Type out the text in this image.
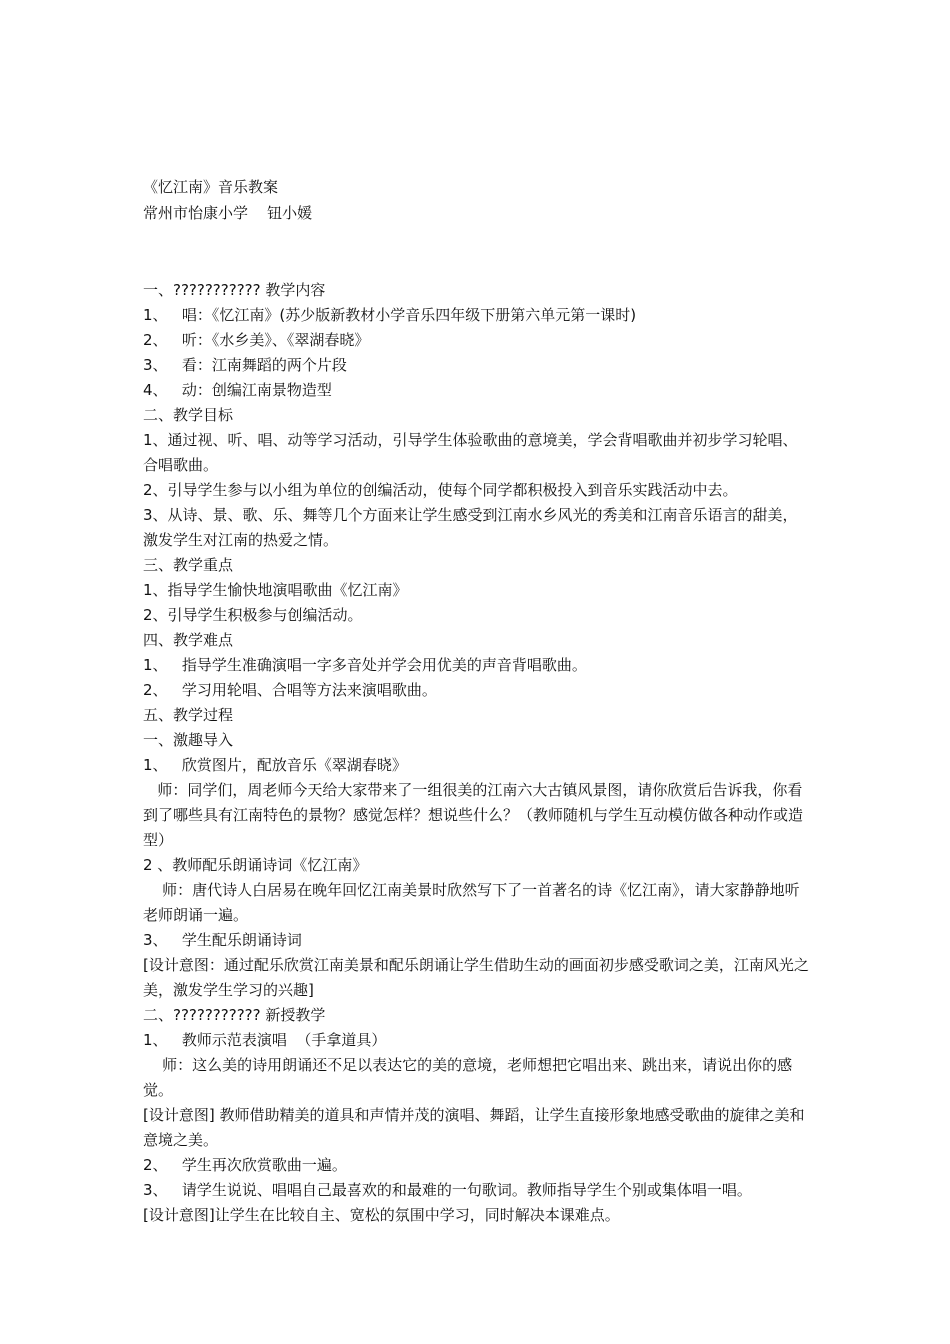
《忆江南》音乐教案
常州市怡康小学    钮小媛

一、??????????? 教学内容

1、   唱：《忆江南》(苏少版新教材小学音乐四年级下册第六单元第一课时)

2、   听：《水乡美》、《翠湖春晓》

3、   看：江南舞蹈的两个片段

4、   动：创编江南景物造型

二、教学目标

1、通过视、听、唱、动等学习活动，引导学生体验歌曲的意境美，学会背唱歌曲并初步学习轮唱、合唱歌曲。

2、引导学生参与以小组为单位的创编活动，使每个同学都积极投入到音乐实践活动中去。

3、从诗、景、歌、乐、舞等几个方面来让学生感受到江南水乡风光的秀美和江南音乐语言的甜美，激发学生对江南的热爱之情。

三、教学重点

1、指导学生愉快地演唱歌曲《忆江南》

2、引导学生积极参与创编活动。

四、教学难点

1、   指导学生准确演唱一字多音处并学会用优美的声音背唱歌曲。

2、   学习用轮唱、合唱等方法来演唱歌曲。

五、教学过程

一、激趣导入

1、   欣赏图片，配放音乐《翠湖春晓》

师：同学们，周老师今天给大家带来了一组很美的江南六大古镇风景图，请你欣赏后告诉我，你看到了哪些具有江南特色的景物？感觉怎样？想说些什么？（教师随机与学生互动模仿做各种动作或造型）

2 、教师配乐朗诵诗词《忆江南》

师：唐代诗人白居易在晚年回忆江南美景时欣然写下了一首著名的诗《忆江南》，请大家静静地听老师朗诵一遍。

3、   学生配乐朗诵诗词

[设计意图：通过配乐欣赏江南美景和配乐朗诵让学生借助生动的画面初步感受歌词之美，江南风光之美，激发学生学习的兴趣]

二、??????????? 新授教学

1、   教师示范表演唱  （手拿道具）

师：这么美的诗用朗诵还不足以表达它的美的意境，老师想把它唱出来、跳出来，请说出你的感觉。

[设计意图] 教师借助精美的道具和声情并茂的演唱、舞蹈，让学生直接形象地感受歌曲的旋律之美和意境之美。

2、   学生再次欣赏歌曲一遍。

3、   请学生说说、唱唱自己最喜欢的和最难的一句歌词。教师指导学生个别或集体唱一唱。

[设计意图]让学生在比较自主、宽松的氛围中学习，同时解决本课难点。
